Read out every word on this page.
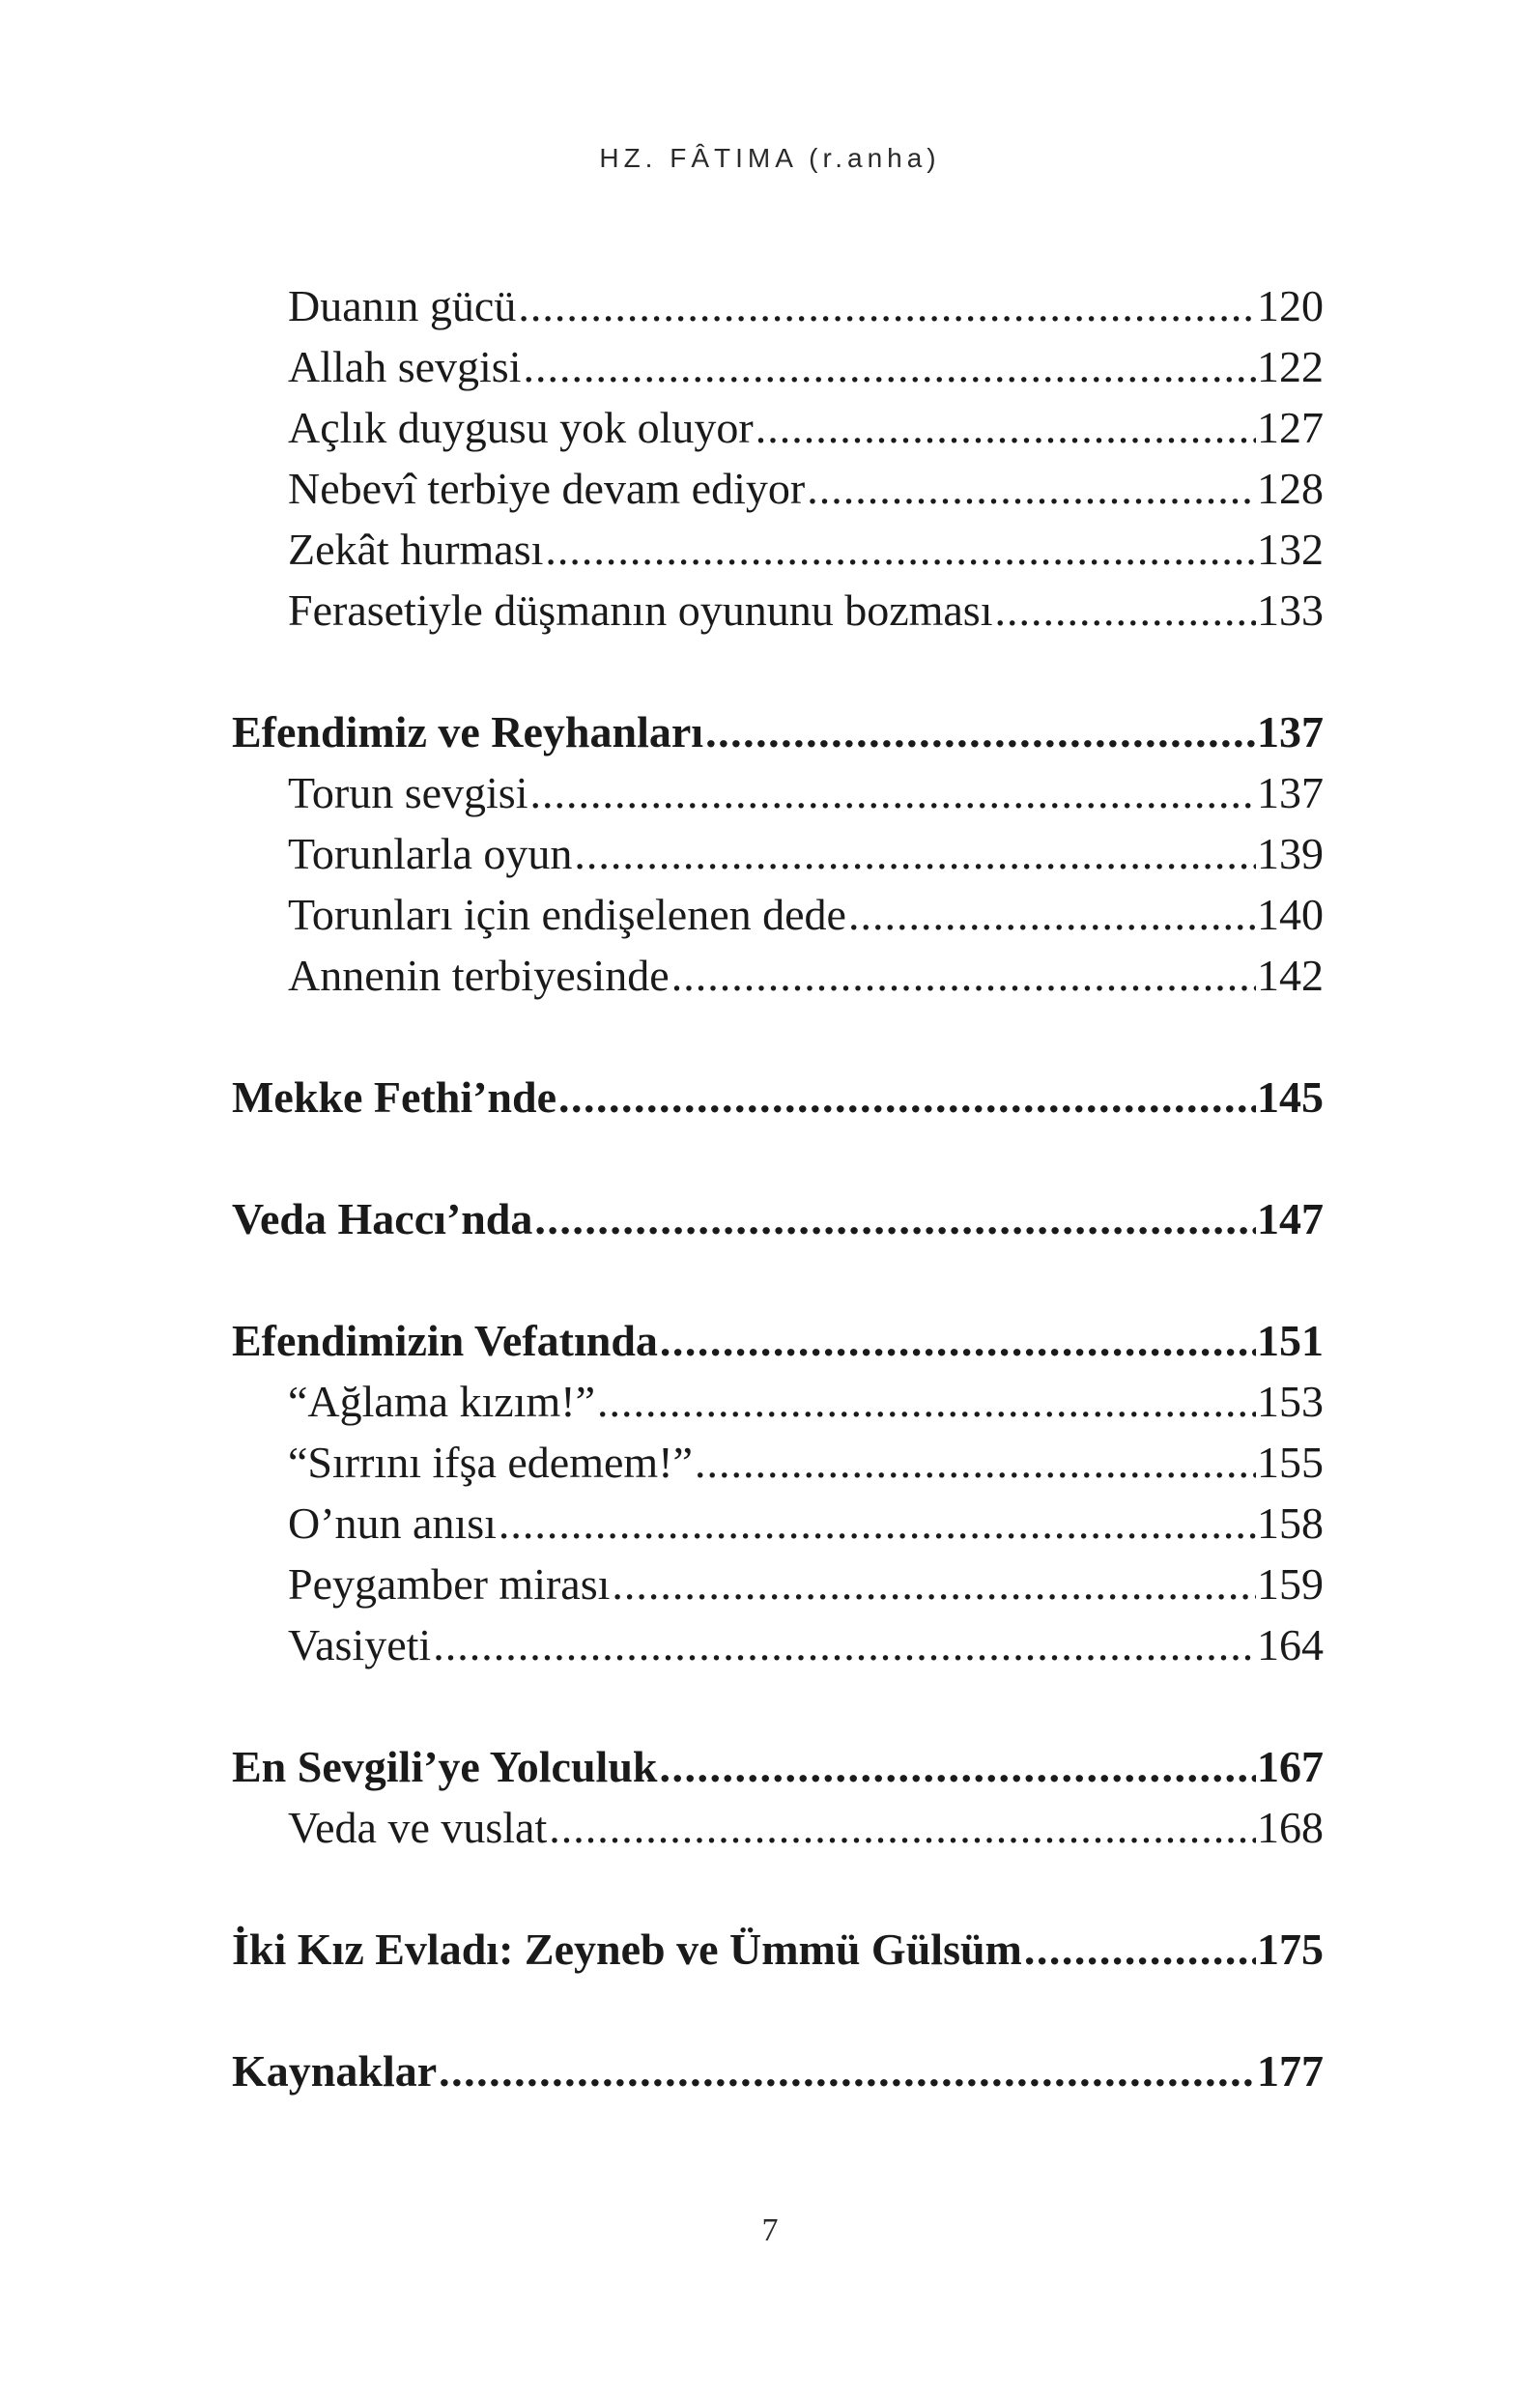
HZ. FÂTIMA (r.anha)
Duanın gücü .....	120
Allah sevgisi .....	122
Açlık duygusu yok oluyor .....	127
Nebevî terbiye devam ediyor .....	128
Zekât hurması .....	132
Ferasetiyle düşmanın oyununu bozması .....	133
Efendimiz ve Reyhanları .....	137
Torun sevgisi .....	137
Torunlarla oyun .....	139
Torunları için endişelenen dede .....	140
Annenin terbiyesinde .....	142
Mekke Fethi’nde .....	145
Veda Haccı’nda .....	147
Efendimizin Vefatında .....	151
“Ağlama kızım!” .....	153
“Sırrını ifşa edemem!” .....	155
O’nun anısı .....	158
Peygamber mirası .....	159
Vasiyeti .....	164
En Sevgili’ye Yolculuk .....	167
Veda ve vuslat .....	168
İki Kız Evladı: Zeyneb ve Ümmü Gülsüm .....	175
Kaynaklar .....	177
7
